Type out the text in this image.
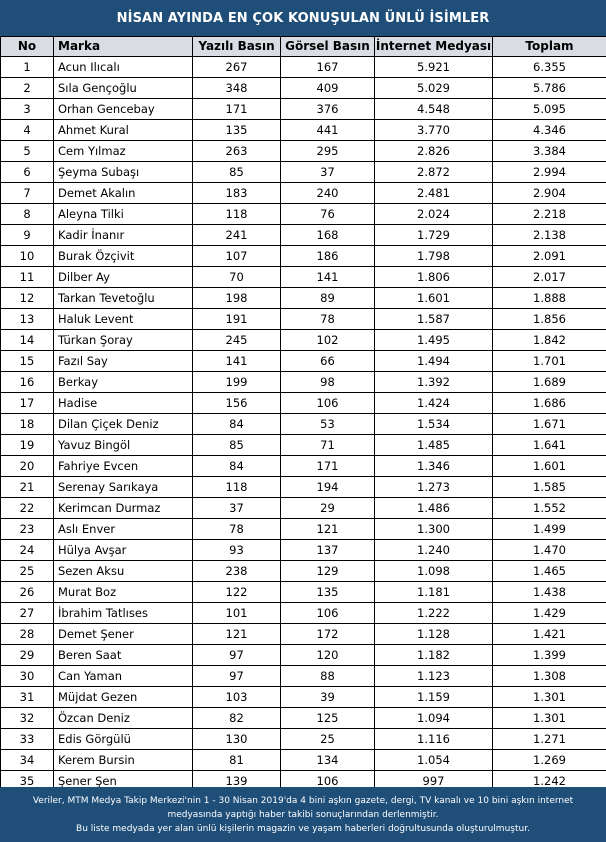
NİSAN AYINDA EN ÇOK KONUŞULAN ÜNLÜ İSİMLER
No	Marka	Yazılı Basın	Görsel Basın	İnternet Medyası	Toplam
1	Acun Ilıcalı	267	167	5.921	6.355
2	Sıla Gençoğlu	348	409	5.029	5.786
3	Orhan Gencebay	171	376	4.548	5.095
4	Ahmet Kural	135	441	3.770	4.346
5	Cem Yılmaz	263	295	2.826	3.384
6	Şeyma Subaşı	85	37	2.872	2.994
7	Demet Akalın	183	240	2.481	2.904
8	Aleyna Tilki	118	76	2.024	2.218
9	Kadir İnanır	241	168	1.729	2.138
10	Burak Özçivit	107	186	1.798	2.091
11	Dilber Ay	70	141	1.806	2.017
12	Tarkan Tevetoğlu	198	89	1.601	1.888
13	Haluk Levent	191	78	1.587	1.856
14	Türkan Şoray	245	102	1.495	1.842
15	Fazıl Say	141	66	1.494	1.701
16	Berkay	199	98	1.392	1.689
17	Hadise	156	106	1.424	1.686
18	Dilan Çiçek Deniz	84	53	1.534	1.671
19	Yavuz Bingöl	85	71	1.485	1.641
20	Fahriye Evcen	84	171	1.346	1.601
21	Serenay Sarıkaya	118	194	1.273	1.585
22	Kerimcan Durmaz	37	29	1.486	1.552
23	Aslı Enver	78	121	1.300	1.499
24	Hülya Avşar	93	137	1.240	1.470
25	Sezen Aksu	238	129	1.098	1.465
26	Murat Boz	122	135	1.181	1.438
27	İbrahim Tatlıses	101	106	1.222	1.429
28	Demet Şener	121	172	1.128	1.421
29	Beren Saat	97	120	1.182	1.399
30	Can Yaman	97	88	1.123	1.308
31	Müjdat Gezen	103	39	1.159	1.301
32	Özcan Deniz	82	125	1.094	1.301
33	Edis Görgülü	130	25	1.116	1.271
34	Kerem Bursin	81	134	1.054	1.269
35	Şener Şen	139	106	997	1.242
Veriler, MTM Medya Takip Merkezi'nin 1 - 30 Nisan 2019'da 4 bini aşkın gazete, dergi, TV kanalı ve 10 bini aşkın internet
medyasında yaptığı haber takibi sonuçlarından derlenmiştir.
Bu liste medyada yer alan ünlü kişilerin magazin ve yaşam haberleri doğrultusunda oluşturulmuştur.
